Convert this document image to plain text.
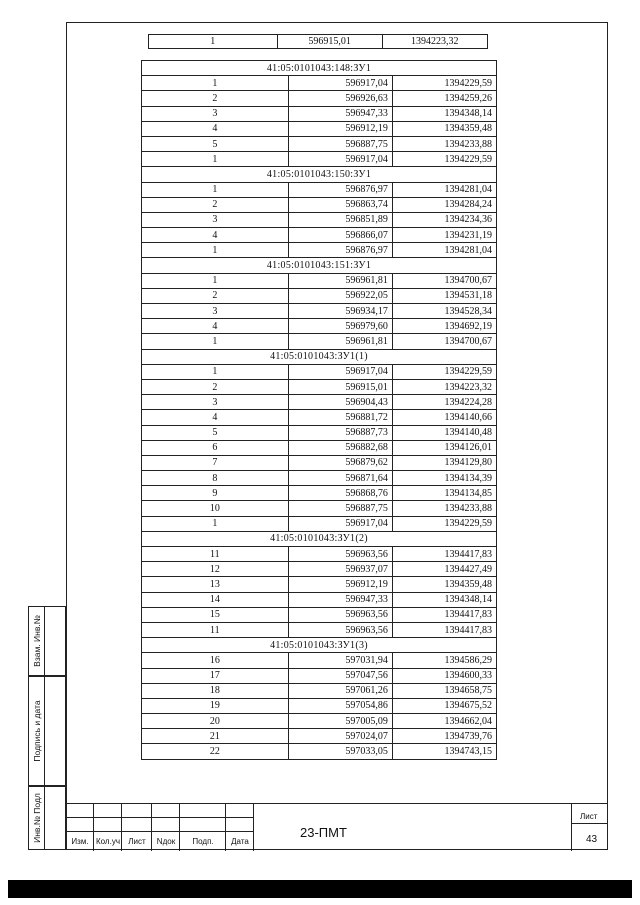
1	596915,01	1394223,32
41:05:0101043:148:ЗУ1		
1	596917,04	1394229,59
2	596926,63	1394259,26
3	596947,33	1394348,14
4	596912,19	1394359,48
5	596887,75	1394233,88
1	596917,04	1394229,59
41:05:0101043:150:ЗУ1		
1	596876,97	1394281,04
2	596863,74	1394284,24
3	596851,89	1394234,36
4	596866,07	1394231,19
1	596876,97	1394281,04
41:05:0101043:151:ЗУ1		
1	596961,81	1394700,67
2	596922,05	1394531,18
3	596934,17	1394528,34
4	596979,60	1394692,19
1	596961,81	1394700,67
41:05:0101043:ЗУ1(1)		
1	596917,04	1394229,59
2	596915,01	1394223,32
3	596904,43	1394224,28
4	596881,72	1394140,66
5	596887,73	1394140,48
6	596882,68	1394126,01
7	596879,62	1394129,80
8	596871,64	1394134,39
9	596868,76	1394134,85
10	596887,75	1394233,88
1	596917,04	1394229,59
41:05:0101043:ЗУ1(2)		
11	596963,56	1394417,83
12	596937,07	1394427,49
13	596912,19	1394359,48
14	596947,33	1394348,14
15	596963,56	1394417,83
11	596963,56	1394417,83
41:05:0101043:ЗУ1(3)		
16	597031,94	1394586,29
17	597047,56	1394600,33
18	597061,26	1394658,75
19	597054,86	1394675,52
20	597005,09	1394662,04
21	597024,07	1394739,76
22	597033,05	1394743,15
Взам. Инв.№
Подпись и дата
Инв.№ Подл	Изм. Кол.уч	Лист	Nдок	Подп.	Дата
23-ПМТ
Лист
43
